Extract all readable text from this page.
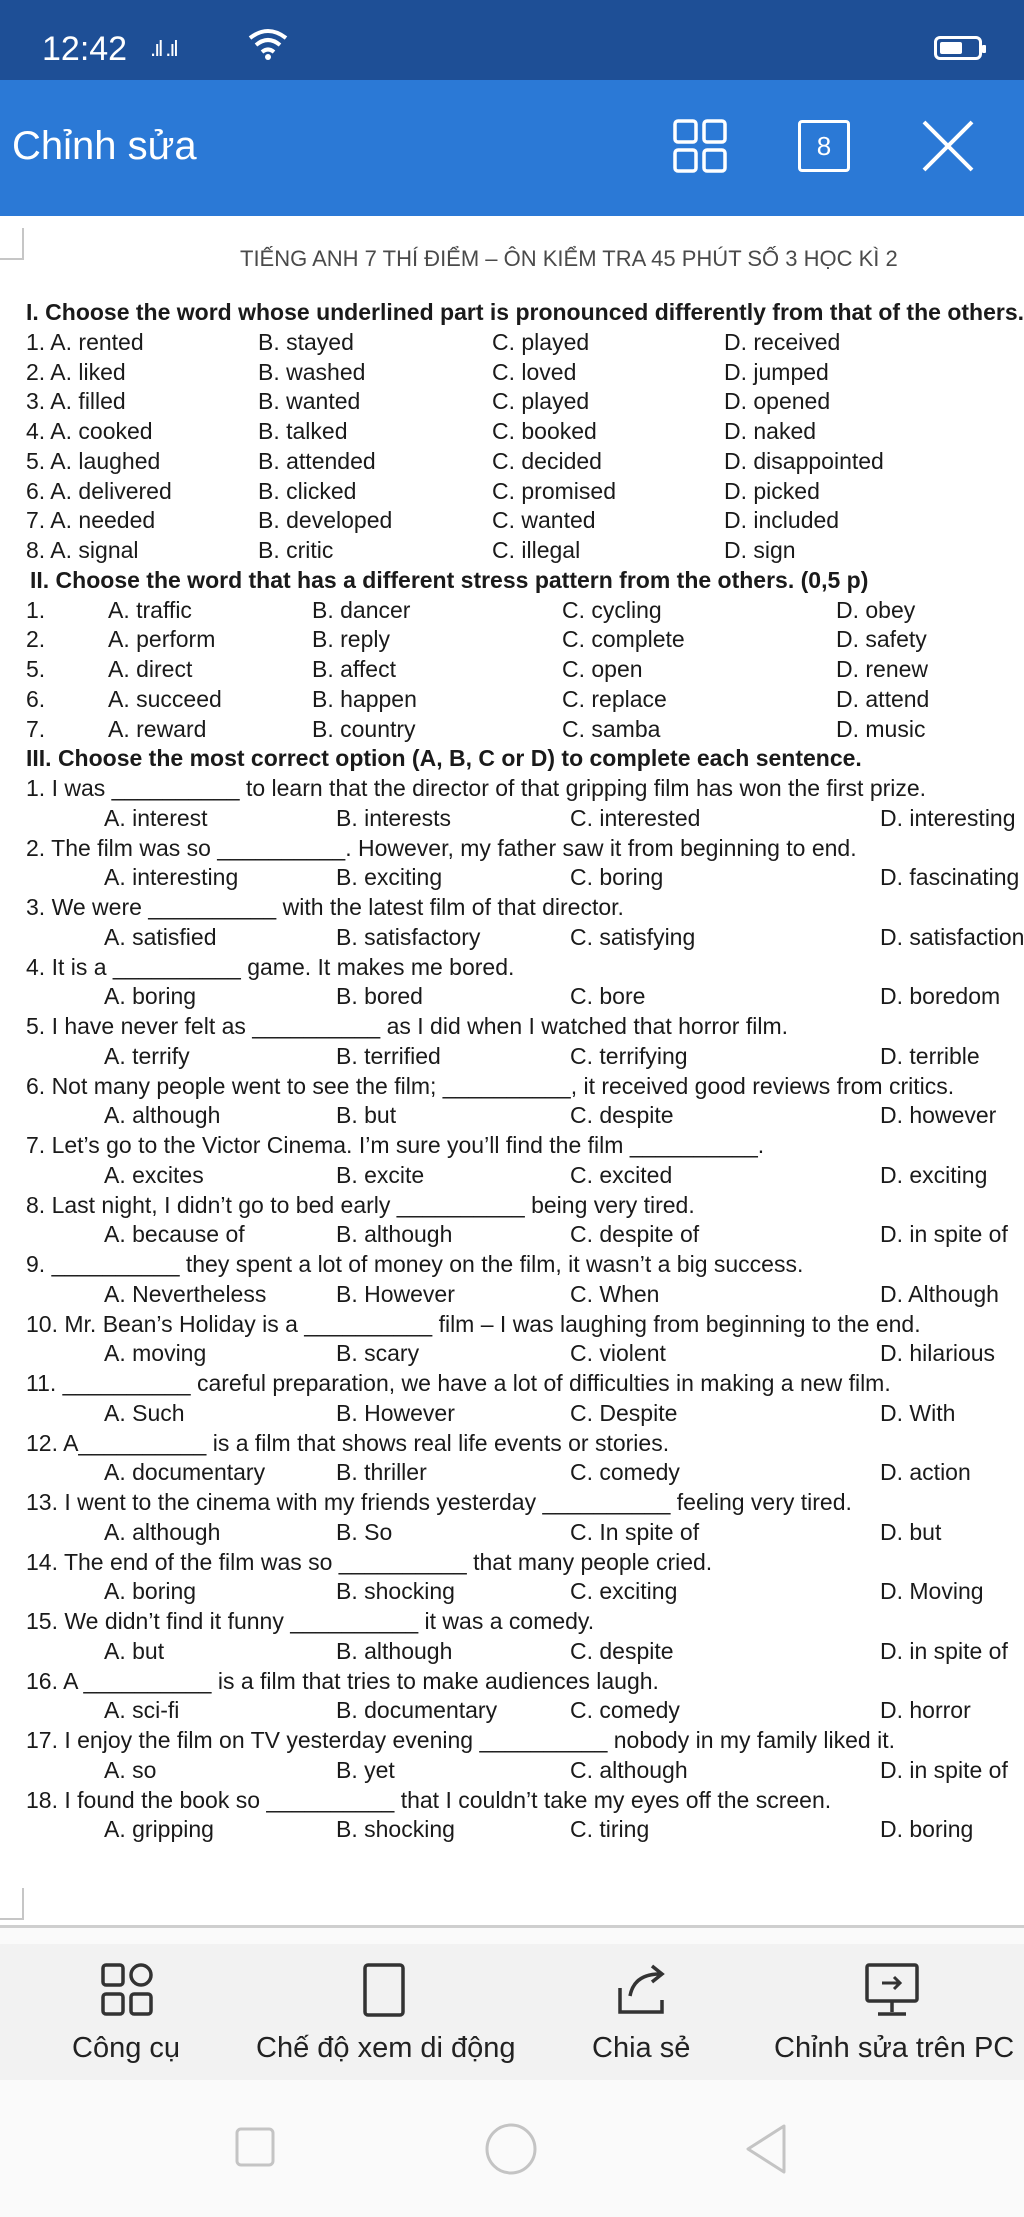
12:42 .ıl .ıl
Chỉnh sửa	8
TIẾNG ANH 7 THÍ ĐIỂM – ÔN KIỂM TRA 45 PHÚT SỐ 3 HỌC KÌ 2
I. Choose the word whose underlined part is pronounced differently from that of the others.
1. A. rented	B. stayed	C. played	D. received
2. A. liked	B. washed	C. loved	D. jumped
3. A. filled	B. wanted	C. played	D. opened
4. A. cooked	B. talked	C. booked	D. naked
5. A. laughed	B. attended	C. decided	D. disappointed
6. A. delivered	B. clicked	C. promised	D. picked
7. A. needed	B. developed	C. wanted	D. included
8. A. signal	B. critic	C. illegal	D. sign
II. Choose the word that has a different stress pattern from the others. (0,5 p)
1.	A. traffic	B. dancer	C. cycling	D. obey
2.	A. perform	B. reply	C. complete	D. safety
5.	A. direct	B. affect	C. open	D. renew
6.	A. succeed	B. happen	C. replace	D. attend
7.	A. reward	B. country	C. samba	D. music
III. Choose the most correct option (A, B, C or D) to complete each sentence.
1. I was __________ to learn that the director of that gripping film has won the first prize.
A. interest	B. interests	C. interested	D. interesting
2. The film was so __________. However, my father saw it from beginning to end.
A. interesting	B. exciting	C. boring	D. fascinating
3. We were __________ with the latest film of that director.
A. satisfied	B. satisfactory	C. satisfying	D. satisfaction
4. It is a __________ game. It makes me bored.
A. boring	B. bored	C. bore	D. boredom
5. I have never felt as __________ as I did when I watched that horror film.
A. terrify	B. terrified	C. terrifying	D. terrible
6. Not many people went to see the film; __________, it received good reviews from critics.
A. although	B. but	C. despite	D. however
7. Let’s go to the Victor Cinema. I’m sure you’ll find the film __________.
A. excites	B. excite	C. excited	D. exciting
8. Last night, I didn’t go to bed early __________ being very tired.
A. because of	B. although	C. despite of	D. in spite of
9. __________ they spent a lot of money on the film, it wasn’t a big success.
A. Nevertheless	B. However	C. When	D. Although
10. Mr. Bean’s Holiday is a __________ film – I was laughing from beginning to the end.
A. moving	B. scary	C. violent	D. hilarious
11. __________ careful preparation, we have a lot of difficulties in making a new film.
A. Such	B. However	C. Despite	D. With
12. A__________ is a film that shows real life events or stories.
A. documentary	B. thriller	C. comedy	D. action
13. I went to the cinema with my friends yesterday __________ feeling very tired.
A. although	B. So	C. In spite of	D. but
14. The end of the film was so __________ that many people cried.
A. boring	B. shocking	C. exciting	D. Moving
15. We didn’t find it funny __________ it was a comedy.
A. but	B. although	C. despite	D. in spite of
16. A __________ is a film that tries to make audiences laugh.
A. sci-fi	B. documentary	C. comedy	D. horror
17. I enjoy the film on TV yesterday evening __________ nobody in my family liked it.
A. so	B. yet	C. although	D. in spite of
18. I found the book so __________ that I couldn’t take my eyes off the screen.
A. gripping	B. shocking	C. tiring	D. boring
Công cụ	Chế độ xem di động	Chia sẻ	Chỉnh sửa trên PC
